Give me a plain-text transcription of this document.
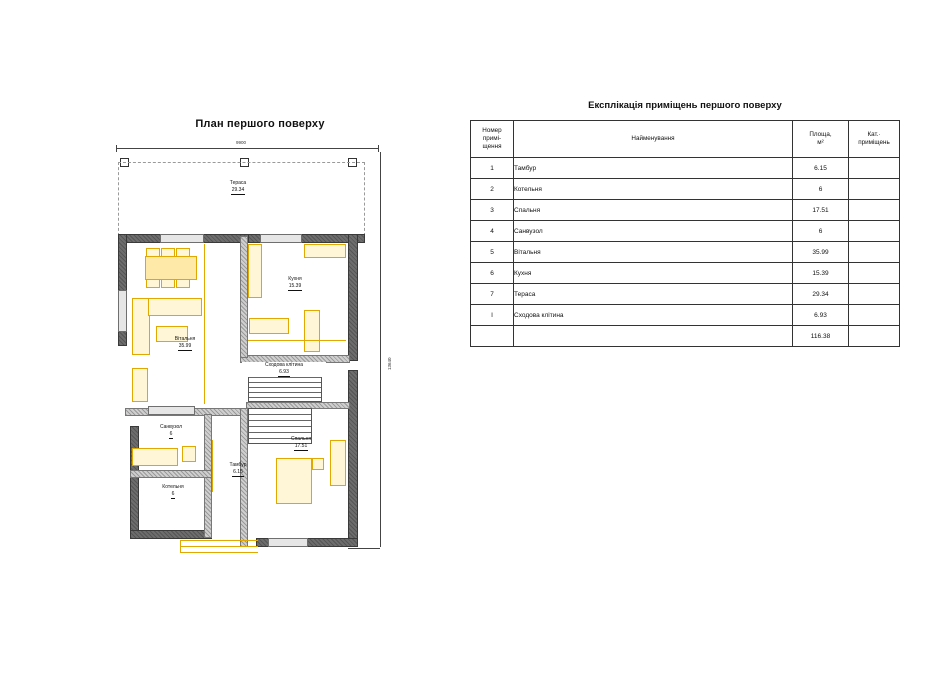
План першого поверху
Експлікація приміщень першого поверху
9900
13640
Тераса
29.34
Вітальня
35.99
Кухня
15.39
Сходова клітина
6.93
Санвузол
6
Котельня
6
Тамбур
6.15
Спальня
17.51
Номер
примі-
щення
	Найменування	
Площа,
м²

Кат.·
приміщень

1	Тамбур	6.15	
2	Котельня	6	
3	Спальня	17.51	
4	Санвузол	6	
5	Вітальня	35.99	
6	Кухня	15.39	
7	Тераса	29.34	
I	Сходова клітина	6.93	
		116.38	
